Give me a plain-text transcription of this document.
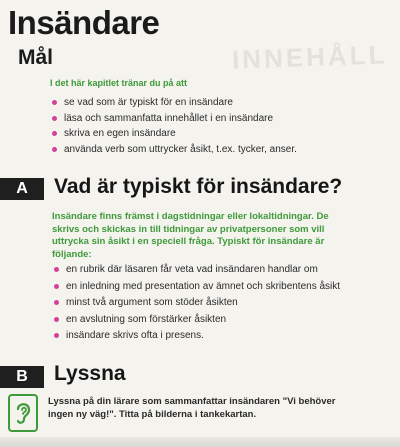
INNEHÅLL
Insändare
Mål
I det här kapitlet tränar du på att
se vad som är typiskt för en insändare
läsa och sammanfatta innehållet i en insändare
skriva en egen insändare
använda verb som uttrycker åsikt, t.ex. tycker, anser.
A	Vad är typiskt för insändare?
Insändare finns främst i dagstidningar eller lokaltidningar. De
skrivs och skickas in till tidningar av privatpersoner som vill
uttrycka sin åsikt i en speciell fråga. Typiskt för insändare är
följande:
en rubrik där läsaren får veta vad insändaren handlar om
en inledning med presentation av ämnet och skribentens åsikt
minst två argument som stöder åsikten
en avslutning som förstärker åsikten
insändare skrivs ofta i presens.
B	Lyssna
Lyssna på din lärare som sammanfattar insändaren "Vi behöver
ingen ny väg!". Titta på bilderna i tankekartan.
